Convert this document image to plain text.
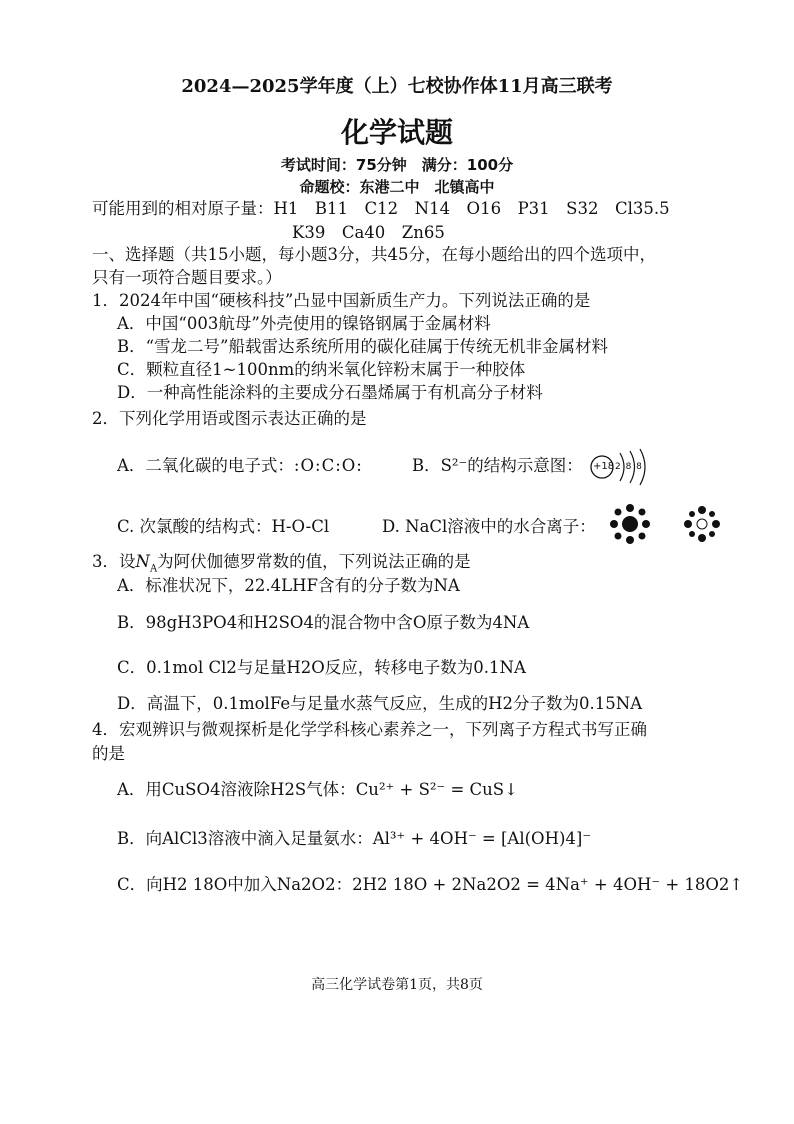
2024—2025学年度（上）七校协作体11月高三联考
化学试题
考试时间：75分钟　满分：100分
命题校：东港二中　北镇高中
可能用到的相对原子量：H1　B11　C12　N14　O16　P31　S32　Cl35.5
K39　Ca40　Zn65
一、选择题（共15小题，每小题3分，共45分，在每小题给出的四个选项中，
只有一项符合题目要求。）
1．2024年中国“硬核科技”凸显中国新质生产力。下列说法正确的是
A．中国“003航母”外壳使用的镍铬钢属于金属材料
B．“雪龙二号”船载雷达系统所用的碳化硅属于传统无机非金属材料
C．颗粒直径1~100nm的纳米氧化锌粉末属于一种胶体
D．一种高性能涂料的主要成分石墨烯属于有机高分子材料
2．下列化学用语或图示表达正确的是
A．二氧化碳的电子式：:O:C:O:	B．S²⁻的结构示意图： +18 2 8 8
C. 次氯酸的结构式：H-O-Cl	D. NaCl溶液中的水合离子：
3．设$N_A$为阿伏伽德罗常数的值，下列说法正确的是
A．标准状况下，22.4LHF含有的分子数为NA
B．98gH3PO4和H2SO4的混合物中含O原子数为4NA
C．0.1mol Cl2与足量H2O反应，转移电子数为0.1NA
D．高温下，0.1molFe与足量水蒸气反应，生成的H2分子数为0.15NA
4．宏观辨识与微观探析是化学学科核心素养之一，下列离子方程式书写正确
的是
A．用CuSO4溶液除H2S气体：Cu²⁺ + S²⁻ = CuS↓
B．向AlCl3溶液中滴入足量氨水：Al³⁺ + 4OH⁻ = [Al(OH)4]⁻
C．向H2 18O中加入Na2O2：2H2 18O + 2Na2O2 = 4Na⁺ + 4OH⁻ + 18O2↑
高三化学试卷第1页，共8页
